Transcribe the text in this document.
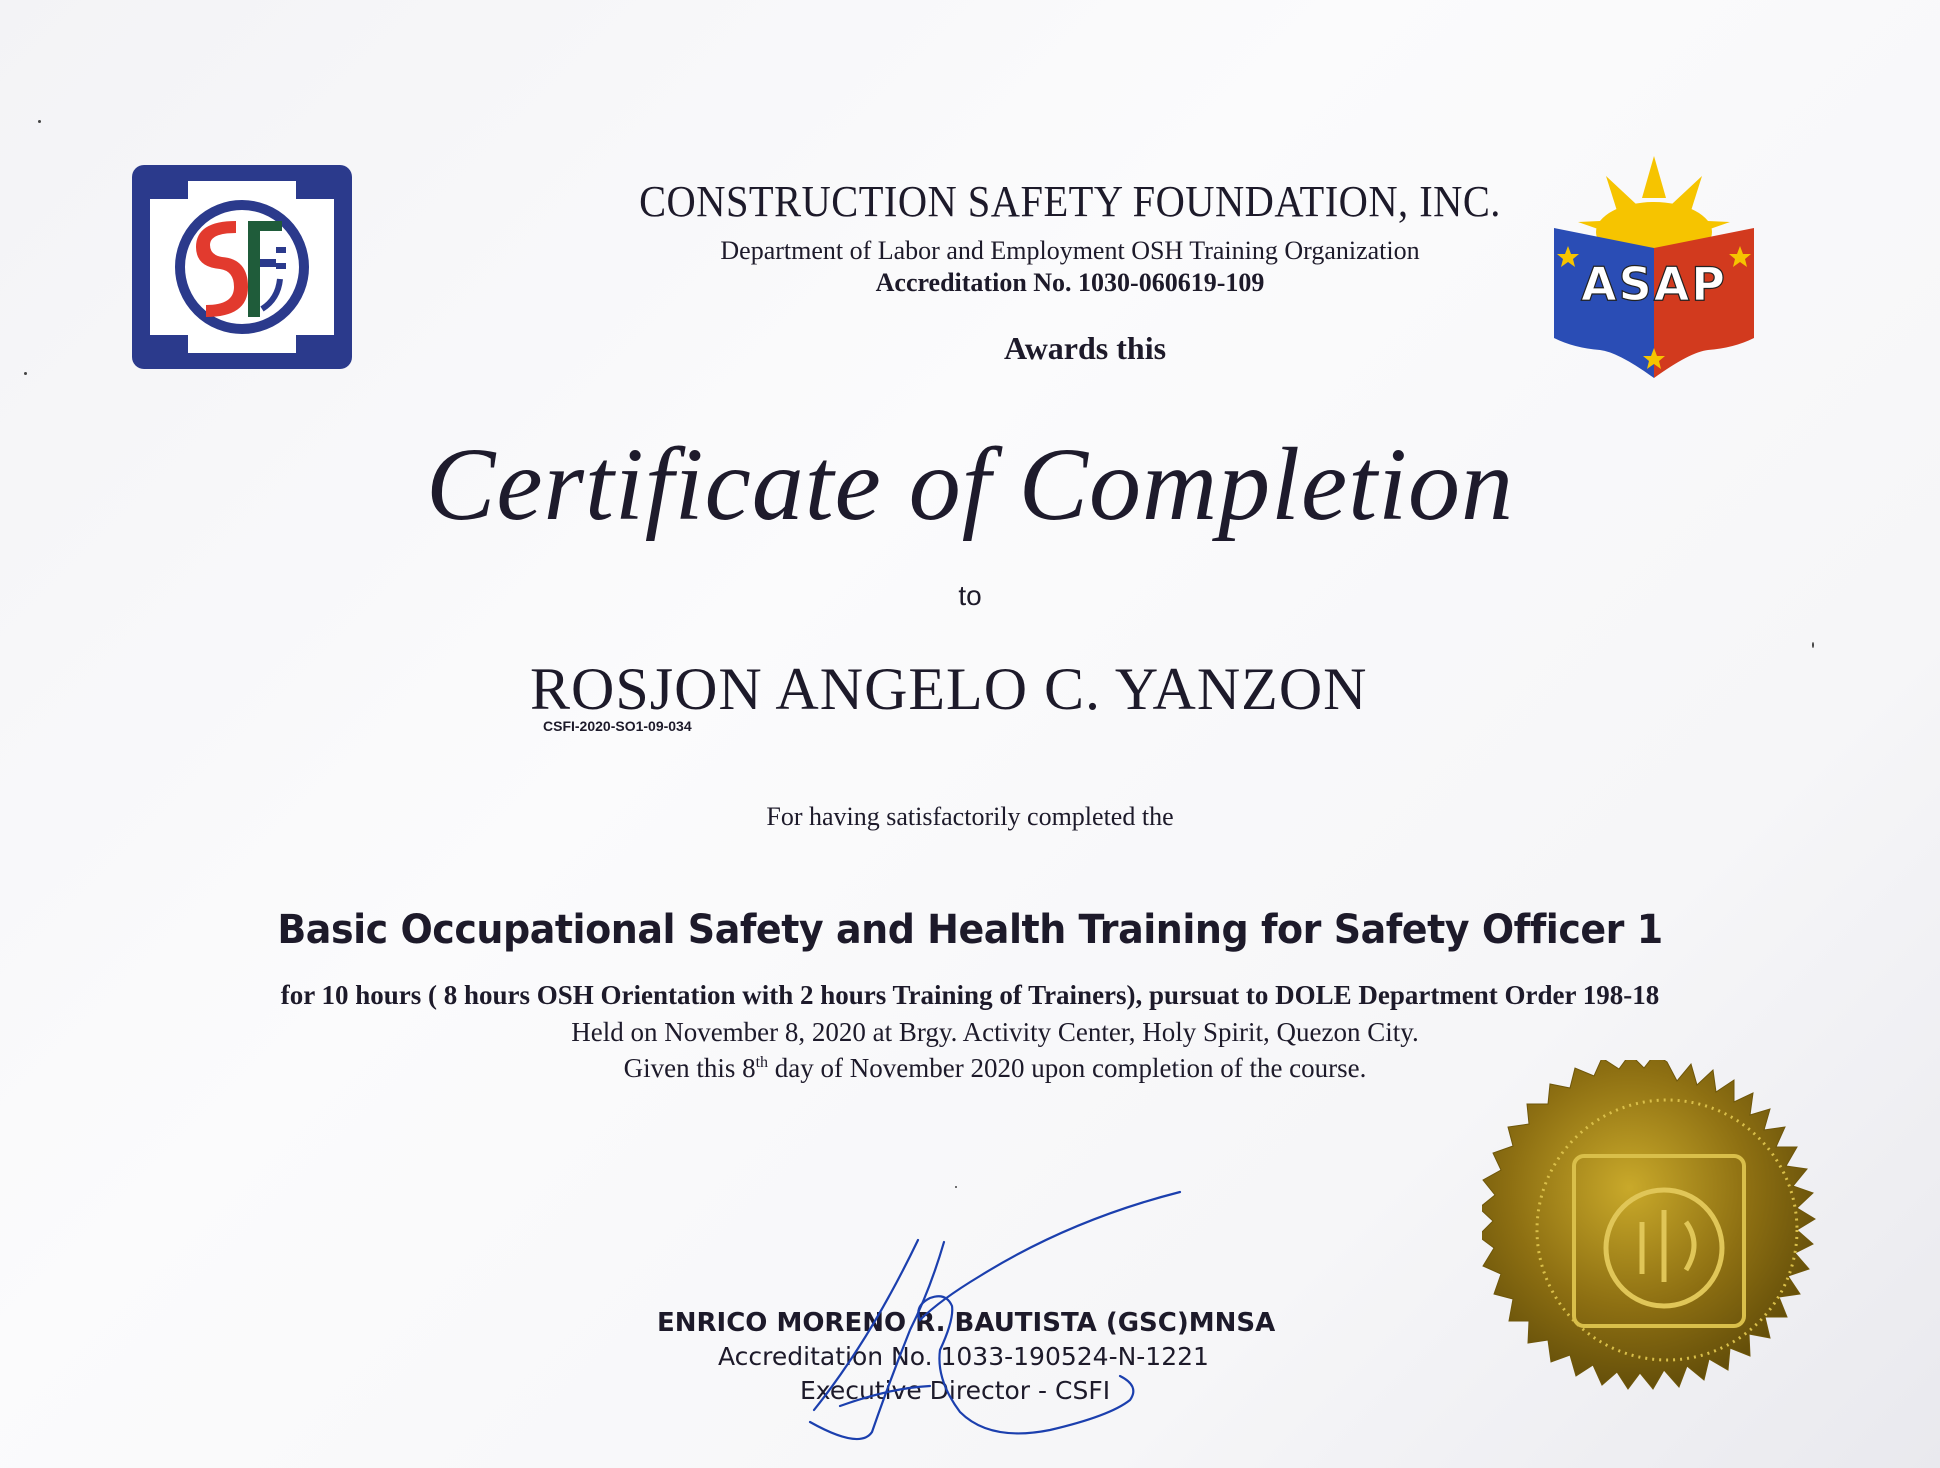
ASAP
CONSTRUCTION SAFETY FOUNDATION, INC.
Department of Labor and Employment OSH Training Organization
Accreditation No. 1030-060619-109
Awards this
Certificate of Completion
to
ROSJON ANGELO C. YANZON
CSFI-2020-SO1-09-034
For having satisfactorily completed the
Basic Occupational Safety and Health Training for Safety Officer 1
for 10 hours ( 8 hours OSH Orientation with 2 hours Training of Trainers), pursuat to DOLE Department Order 198-18
Held on November 8, 2020 at Brgy. Activity Center, Holy Spirit, Quezon City.
Given this 8th day of November 2020 upon completion of the course.
ENRICO MORENO R. BAUTISTA (GSC)MNSA
Accreditation No. 1033-190524-N-1221
Executive Director - CSFI
